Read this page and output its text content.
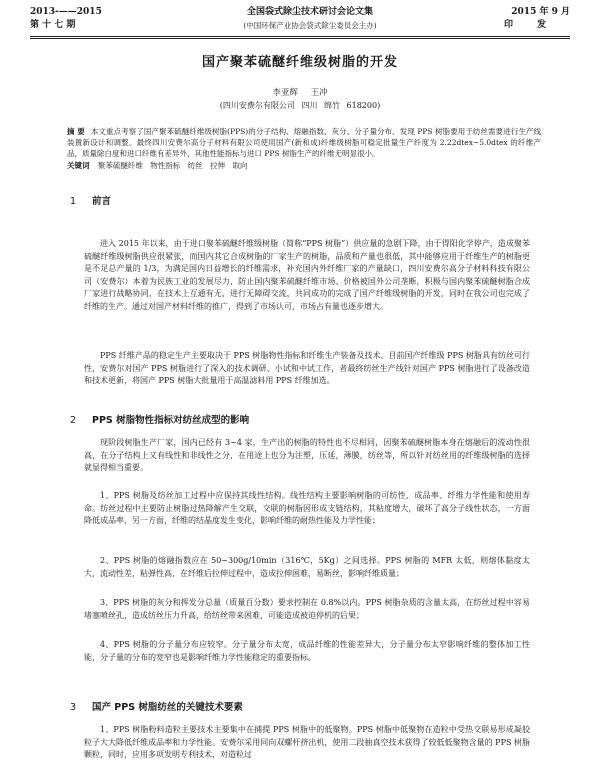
2013-——2015
第 十 七 期
全国袋式除尘技术研讨会论文集
(中国环保产业协会袋式除尘委员会主办)
2015 年 9 月
印发
国产聚苯硫醚纤维级树脂的开发
李亚辉 王冲
(四川安费尔有限公司 四川 绵竹 618200)
摘 要 本文重点考察了国产聚苯硫醚纤维级树脂(PPS)的分子结构、熔融指数、灰分、分子量分布、发现 PPS 树脂要用于纺丝需要进行生产线装置新设计和调整。最终四川安费尔高分子材料有限公司使用国产(新和成)纤维级树脂可稳定批量生产纤度为 2.22dtex~5.0dtex 的纤维产品，质量除白度和进口纤维有差异外，其他性能指标与进口 PPS 树脂生产的纤维无明显很小。
关键词 聚苯硫醚纤维 物性指标 纺丝 拉伸 取向
1 前言

进入 2015 年以来，由于进口聚苯硫醚纤维级树脂（简称“PPS 树脂”）供应量的急剧下降，由于得阳化学停产，造成聚苯硫醚纤维级树脂供应很紧张，而国内其它合成树脂的厂家生产的树脂，品质和产量也很低，其中能够应用于纤维生产的树脂更是不足总产量的 1/3，为满足国内日益增长的纤维需求，补充国内外纤维厂家的产量缺口，四川安费尔高分子材料科技有限公司（安费尔）本着为民族工业的发展尽力，防止国内聚苯硫醚纤维市场、价格被国外公司垄断，积极与国内聚苯硫醚树脂合成厂家进行战略协同，在技术上互通有无，进行无障碍交流，共同成功的完成了国产纤维级树脂的开发，同时在我公司也完成了纤维的生产。通过对国产材料纤维的推广，得到了市场认可，市场占有量也逐步增大。

PPS 纤维产品的稳定生产主要取决于 PPS 树脂物性指标和纤维生产装备及技术。目前国产纤维级 PPS 树脂具有纺丝可行性，安费尔对国产 PPS 树脂进行了深入的技术调研、小试和中试工作，者最终纺丝生产线针对国产 PPS 树脂进行了设备改造和技术更新，将国产 PPS 树脂大批量用于高温滤料用 PPS 纤维加选。

2 PPS 树脂物性指标对纺丝成型的影响

现阶段树脂生产厂家，国内已经有 3~4 家，生产出的树脂的特性也不尽相同，因聚苯硫醚树脂本身在熔融后的流动性很高，在分子结构上又有线性和非线性之分，在用途上也分为注塑，压延，薄膜，纺丝等，所以针对纺丝用的纤维级树脂的选择就显得相当重要。

1、PPS 树脂及纺丝加工过程中应保持其线性结构。线性结构主要影响树脂的可纺性、成品率、纤维力学性能和使用寿命。纺丝过程中主要防止树脂过热降解产生交联，交联的树脂因形成支链结构，其粘度增大，破坏了高分子线性状态，一方面降低成品率，另一方面，纤维的结晶度发生变化，影响纤维的耐热性能及力学性能；

2、PPS 树脂的熔融指数应在 50~300g/10min（316℃，5Kg）之间选择。PPS 树脂的 MFR 太低，则熔体黏度太大，流动性差，粘弹性高，在纤维后拉伸过程中，造成拉伸困难，易断丝，影响纤维质量；

3、PPS 树脂的灰分和挥发分总量（质量百分数）要求控制在 0.8%以内。PPS 树脂杂质的含量太高，在纺丝过程中容易堵塞喷丝孔，造成纺丝压力升高，给纺丝带来困难，可能造成被迫停机的后果；

4、PPS 树脂的分子量分布应较窄。分子量分布太宽，成品纤维的性能差异大，分子量分布太窄影响纤维的整体加工性能，分子量的分布的宽窄也是影响纤维力学性能稳定的重要指标。

3 国产 PPS 树脂纺丝的关键技术要素

1、PPS 树脂粉料造粒主要技术主要集中在捕提 PPS 树脂中的低聚物。PPS 树脂中低聚物在造粒中受热交联易形成凝胶粒子大大降低纤维成品率和力学性能。安费尔采用同向双螺杆挤出机，使用二段抽真空技术获得了较低低聚物含量的 PPS 树脂颗粒，同时，应用多项发明专利技术，对造粒过
